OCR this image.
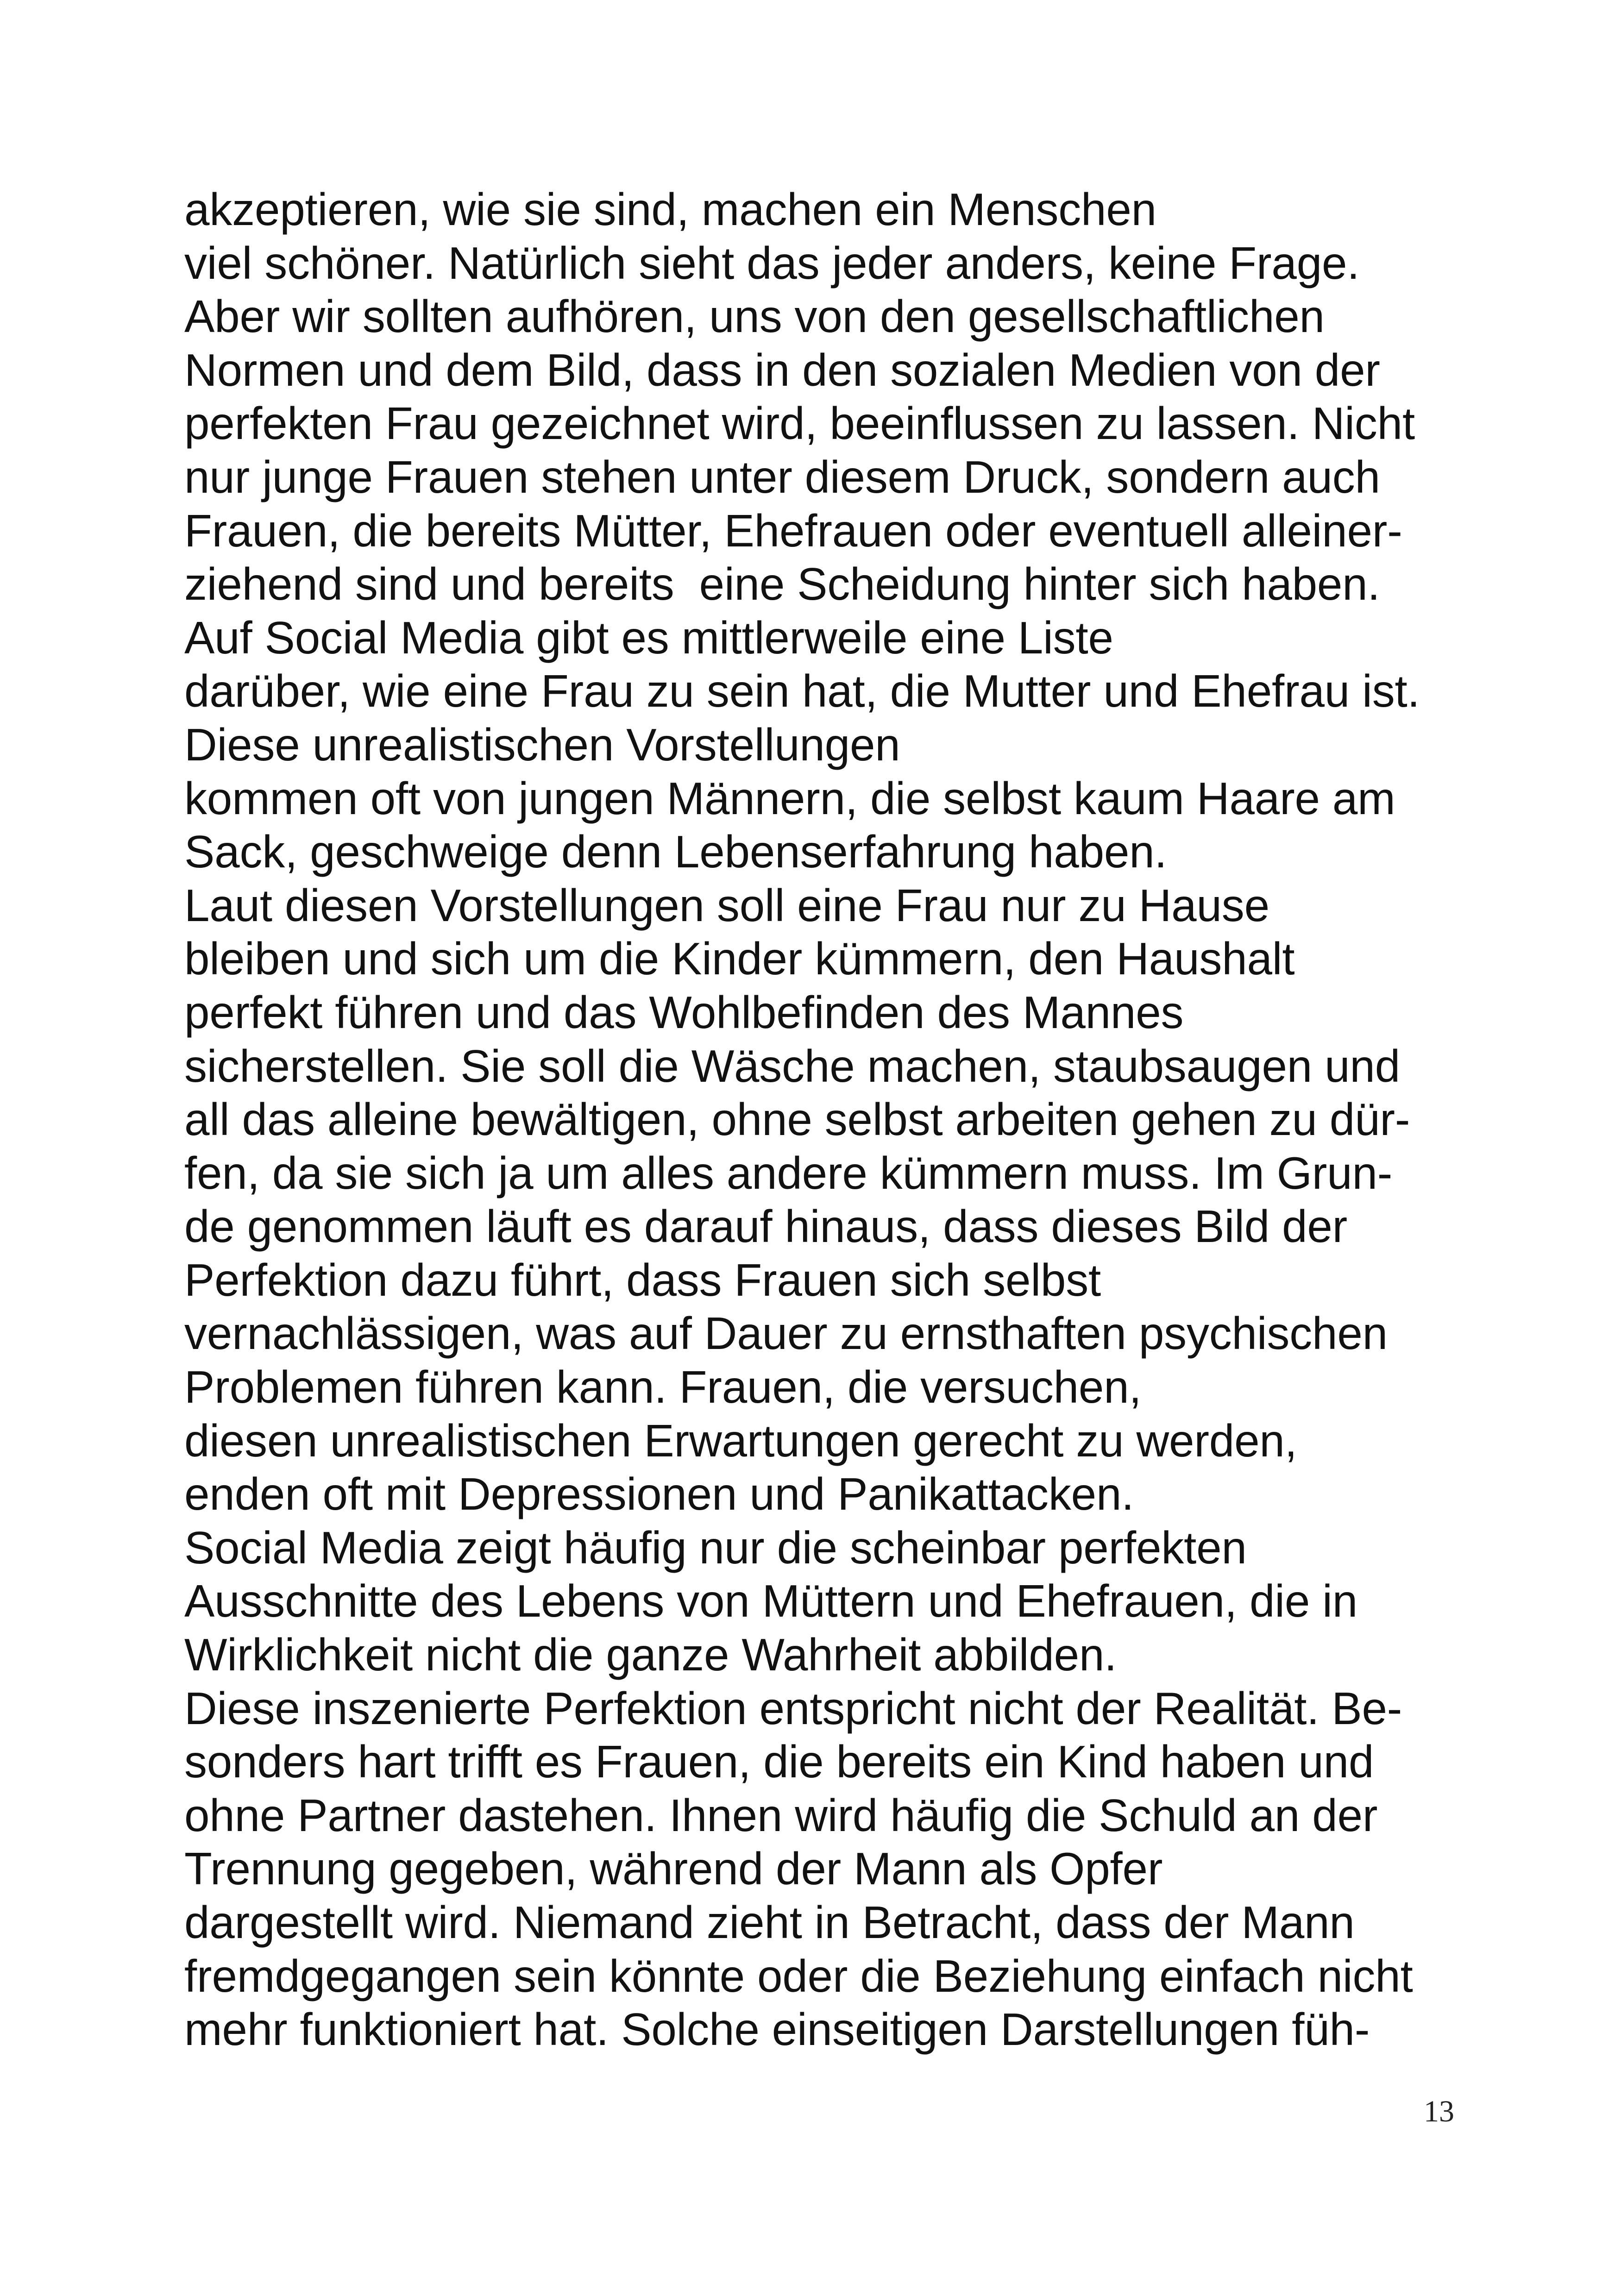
akzeptieren, wie sie sind, machen ein Menschen
viel schöner. Natürlich sieht das jeder anders, keine Frage.
Aber wir sollten aufhören, uns von den gesellschaftlichen
Normen und dem Bild, dass in den sozialen Medien von der
perfekten Frau gezeichnet wird, beeinflussen zu lassen. Nicht
nur junge Frauen stehen unter diesem Druck, sondern auch
Frauen, die bereits Mütter, Ehefrauen oder eventuell alleiner-
ziehend sind und bereits  eine Scheidung hinter sich haben.
Auf Social Media gibt es mittlerweile eine Liste
darüber, wie eine Frau zu sein hat, die Mutter und Ehefrau ist.
Diese unrealistischen Vorstellungen
kommen oft von jungen Männern, die selbst kaum Haare am
Sack, geschweige denn Lebenserfahrung haben.
Laut diesen Vorstellungen soll eine Frau nur zu Hause
bleiben und sich um die Kinder kümmern, den Haushalt
perfekt führen und das Wohlbefinden des Mannes
sicherstellen. Sie soll die Wäsche machen, staubsaugen und
all das alleine bewältigen, ohne selbst arbeiten gehen zu dür-
fen, da sie sich ja um alles andere kümmern muss. Im Grun-
de genommen läuft es darauf hinaus, dass dieses Bild der
Perfektion dazu führt, dass Frauen sich selbst
vernachlässigen, was auf Dauer zu ernsthaften psychischen
Problemen führen kann. Frauen, die versuchen,
diesen unrealistischen Erwartungen gerecht zu werden,
enden oft mit Depressionen und Panikattacken.
Social Media zeigt häufig nur die scheinbar perfekten
Ausschnitte des Lebens von Müttern und Ehefrauen, die in
Wirklichkeit nicht die ganze Wahrheit abbilden.
Diese inszenierte Perfektion entspricht nicht der Realität. Be-
sonders hart trifft es Frauen, die bereits ein Kind haben und
ohne Partner dastehen. Ihnen wird häufig die Schuld an der
Trennung gegeben, während der Mann als Opfer
dargestellt wird. Niemand zieht in Betracht, dass der Mann
fremdgegangen sein könnte oder die Beziehung einfach nicht
mehr funktioniert hat. Solche einseitigen Darstellungen füh-
13
